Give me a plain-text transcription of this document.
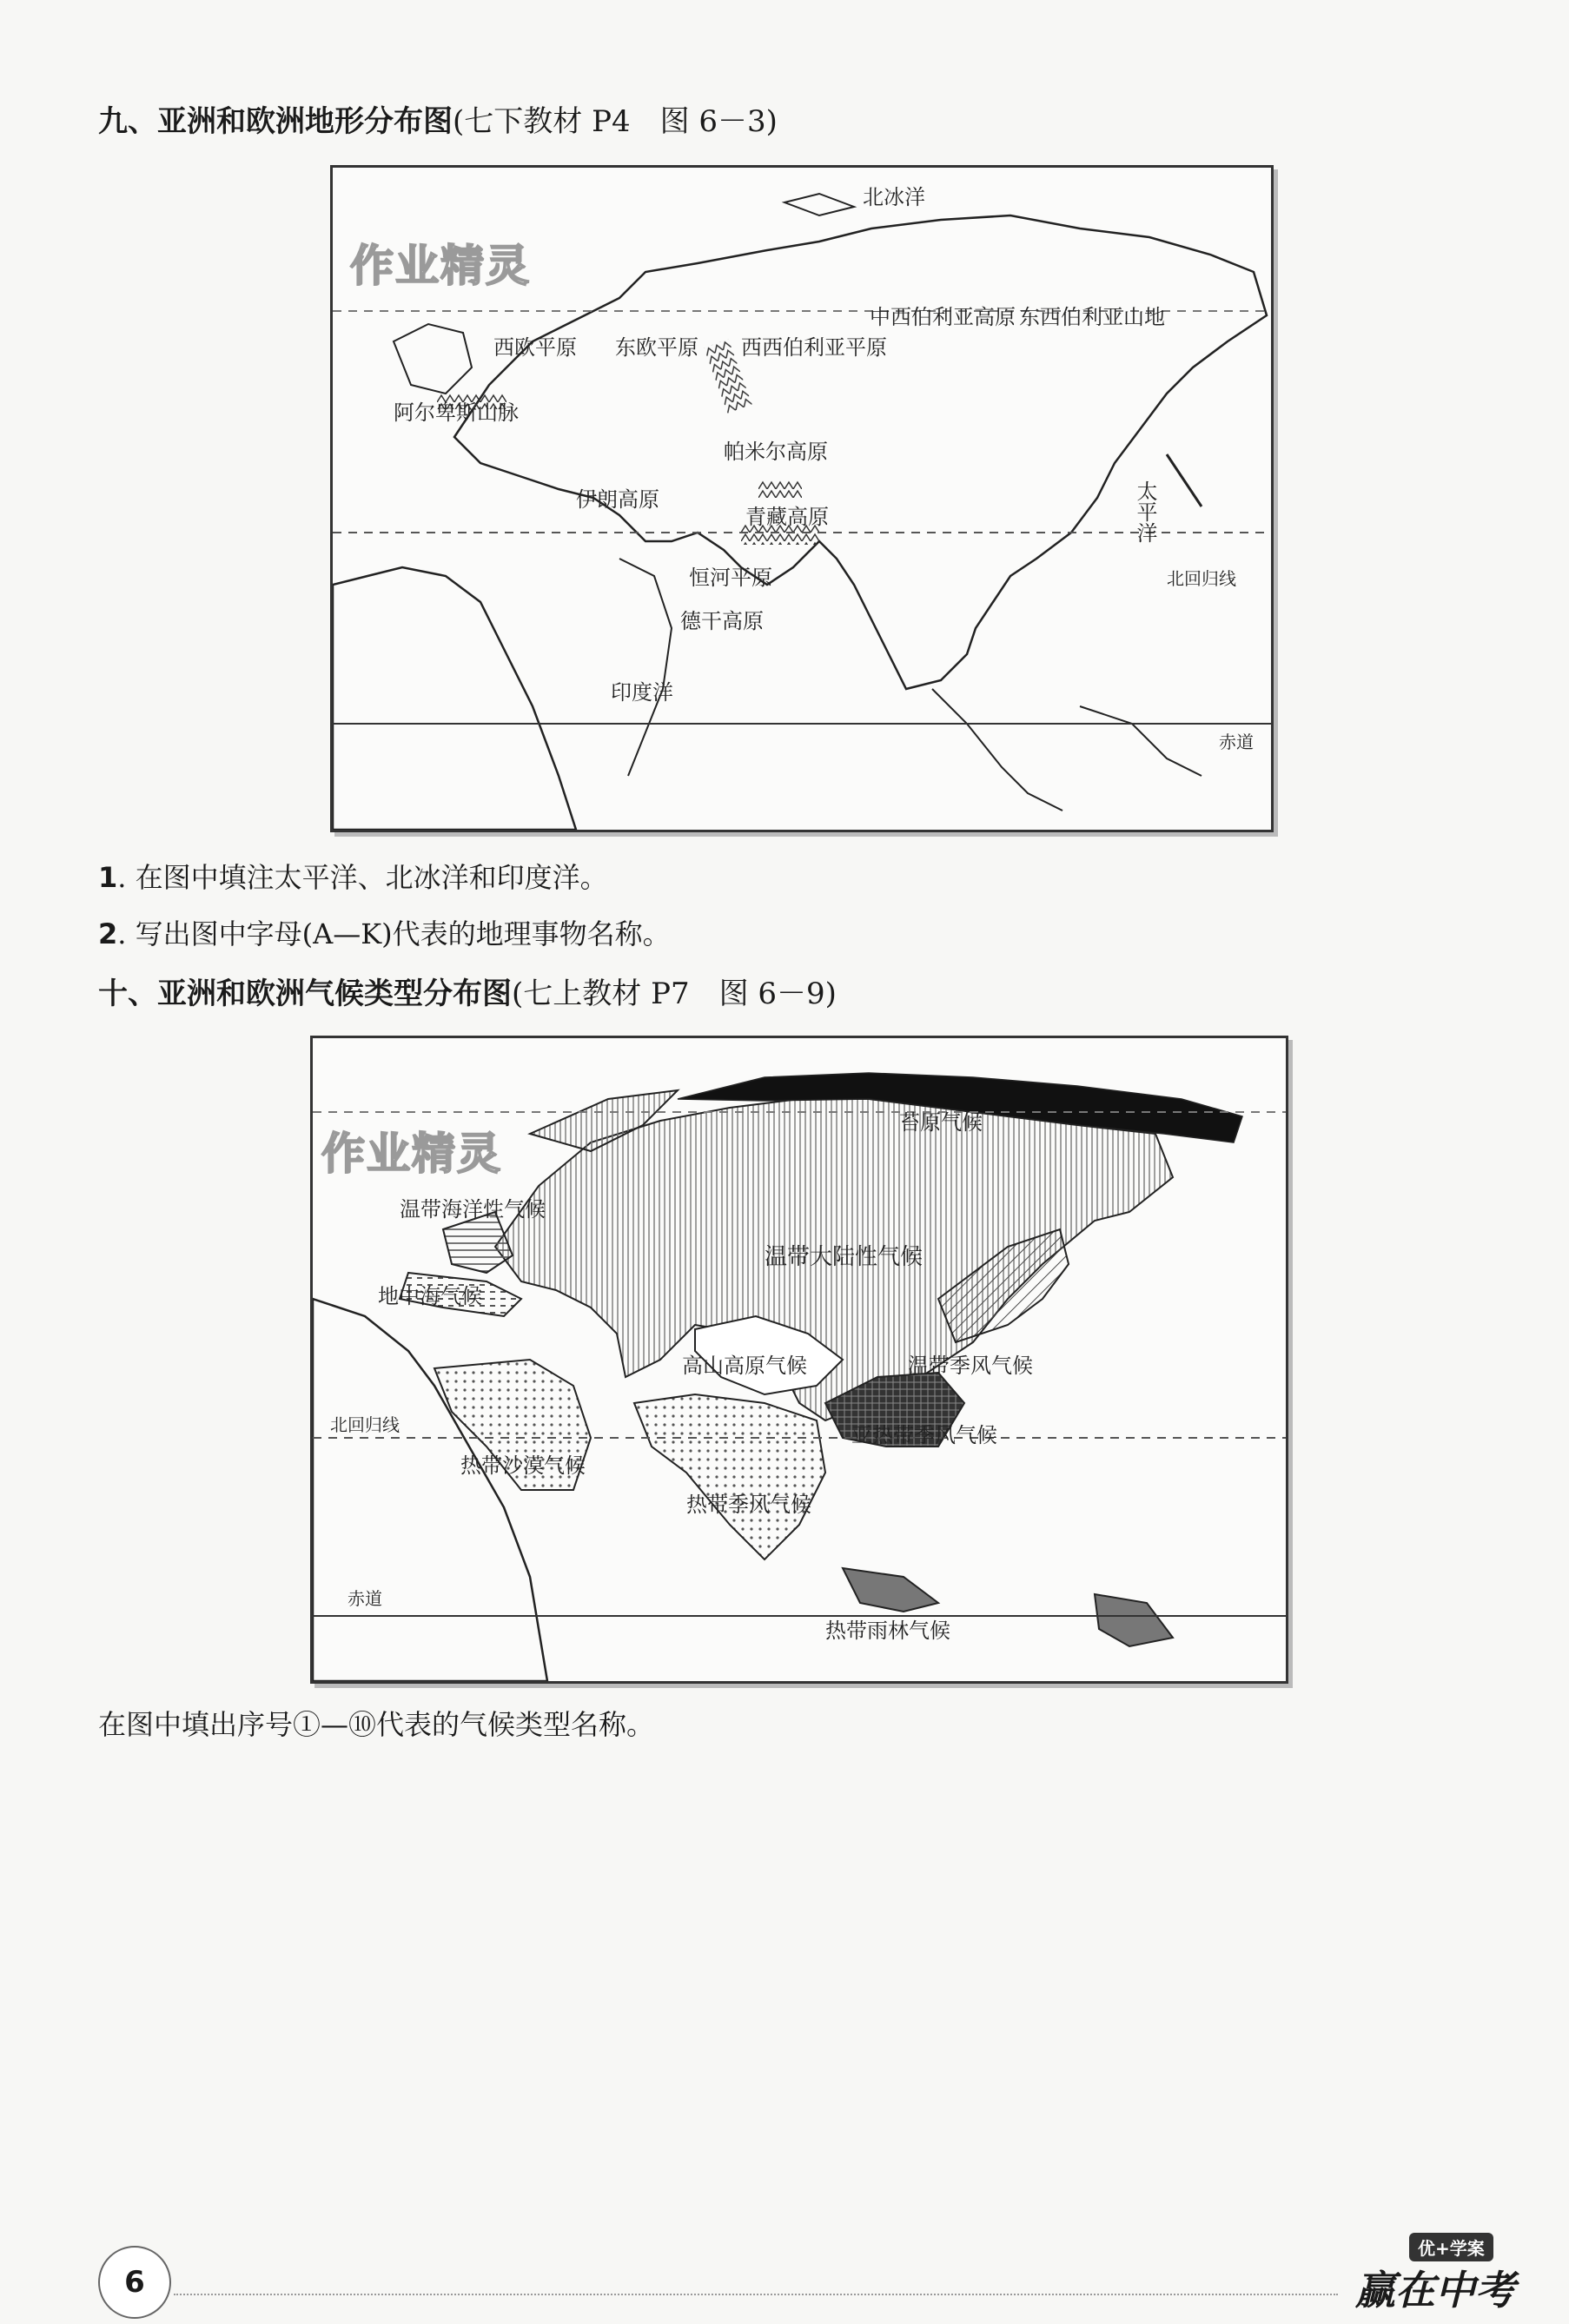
九、亚洲和欧洲地形分布图(七下教材 P4　图 6－3)
北冰洋
太平洋
印度洋
北回归线
赤道
西欧平原 东欧平原 西西伯利亚平原
中西伯利亚高原 东西伯利亚山地
阿尔卑斯山脉
帕米尔高原
伊朗高原
青藏高原
恒河平原
德干高原
作业精灵
1. 在图中填注太平洋、北冰洋和印度洋。
2. 写出图中字母(A—K)代表的地理事物名称。
十、亚洲和欧洲气候类型分布图(七上教材 P7　图 6－9)
苔原气候
温带海洋性气候
温带大陆性气候
地中海气候
高山高原气候	温带季风气候
亚热带季风气候
热带沙漠气候
热带季风气候
热带雨林气候
北回归线
赤道
作业精灵
在图中填出序号①—⑩代表的气候类型名称。
6
优+学案
赢在中考
